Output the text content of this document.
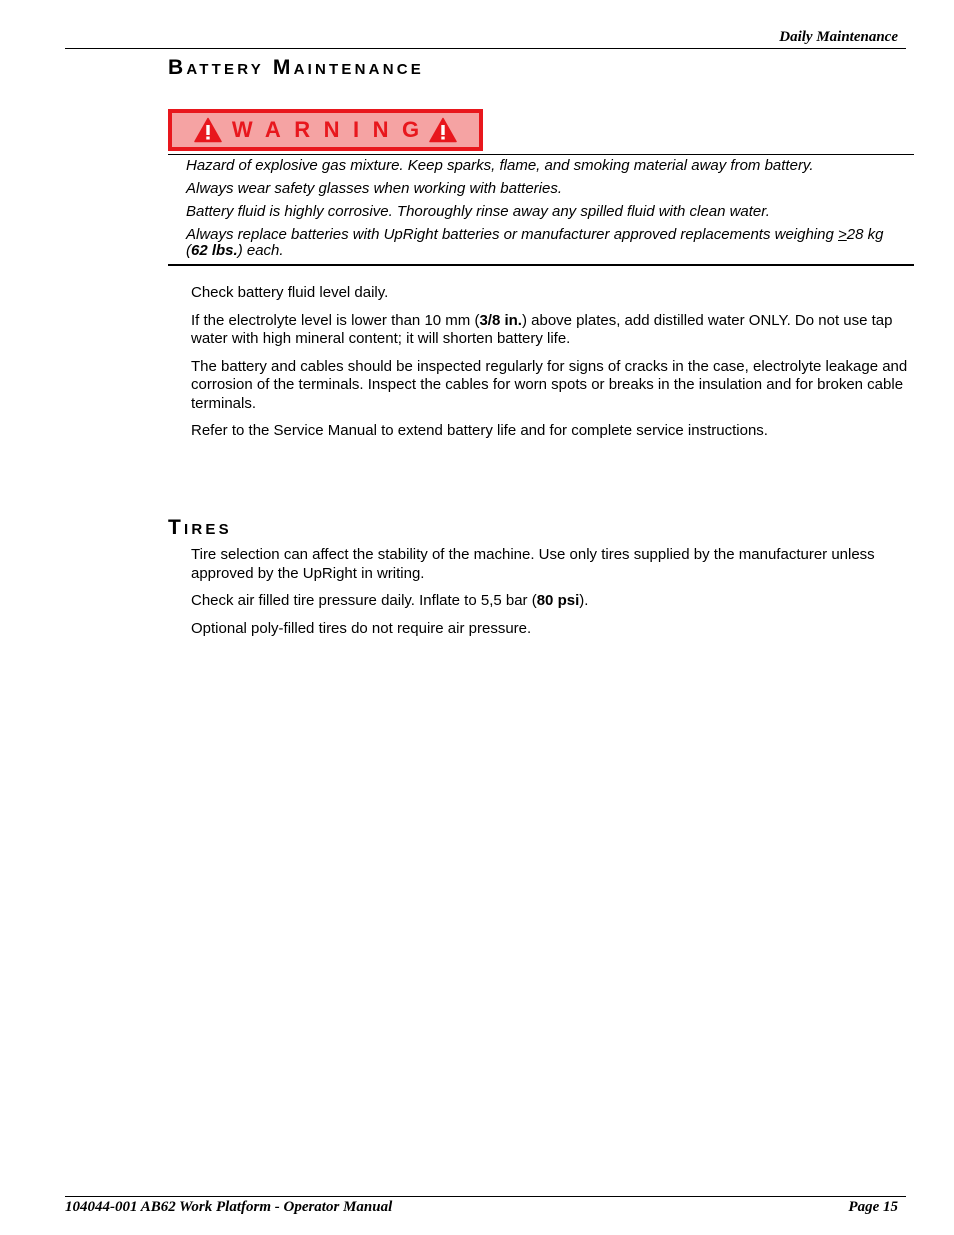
Daily Maintenance
Battery Maintenance
WARNING

Hazard of explosive gas mixture. Keep sparks, flame, and smoking material away from battery.

Always wear safety glasses when working with batteries.

Battery fluid is highly corrosive. Thoroughly rinse away any spilled fluid with clean water.

Always replace batteries with UpRight batteries or manufacturer approved replacements weighing >28 kg (62 lbs.) each.

Check battery fluid level daily.

If the electrolyte level is lower than 10 mm (3/8 in.) above plates, add distilled water ONLY. Do not use tap water with high mineral content; it will shorten battery life.

The battery and cables should be inspected regularly for signs of cracks in the case, electrolyte leakage and corrosion of the terminals. Inspect the cables for worn spots or breaks in the insulation and for broken cable terminals.

Refer to the Service Manual to extend battery life and for complete service instructions.

Tires

Tire selection can affect the stability of the machine. Use only tires supplied by the manufacturer unless approved by the UpRight in writing.

Check air filled tire pressure daily. Inflate to 5,5 bar (80 psi).

Optional poly-filled tires do not require air pressure.

104044-001 AB62 Work Platform - Operator Manual	Page 15
